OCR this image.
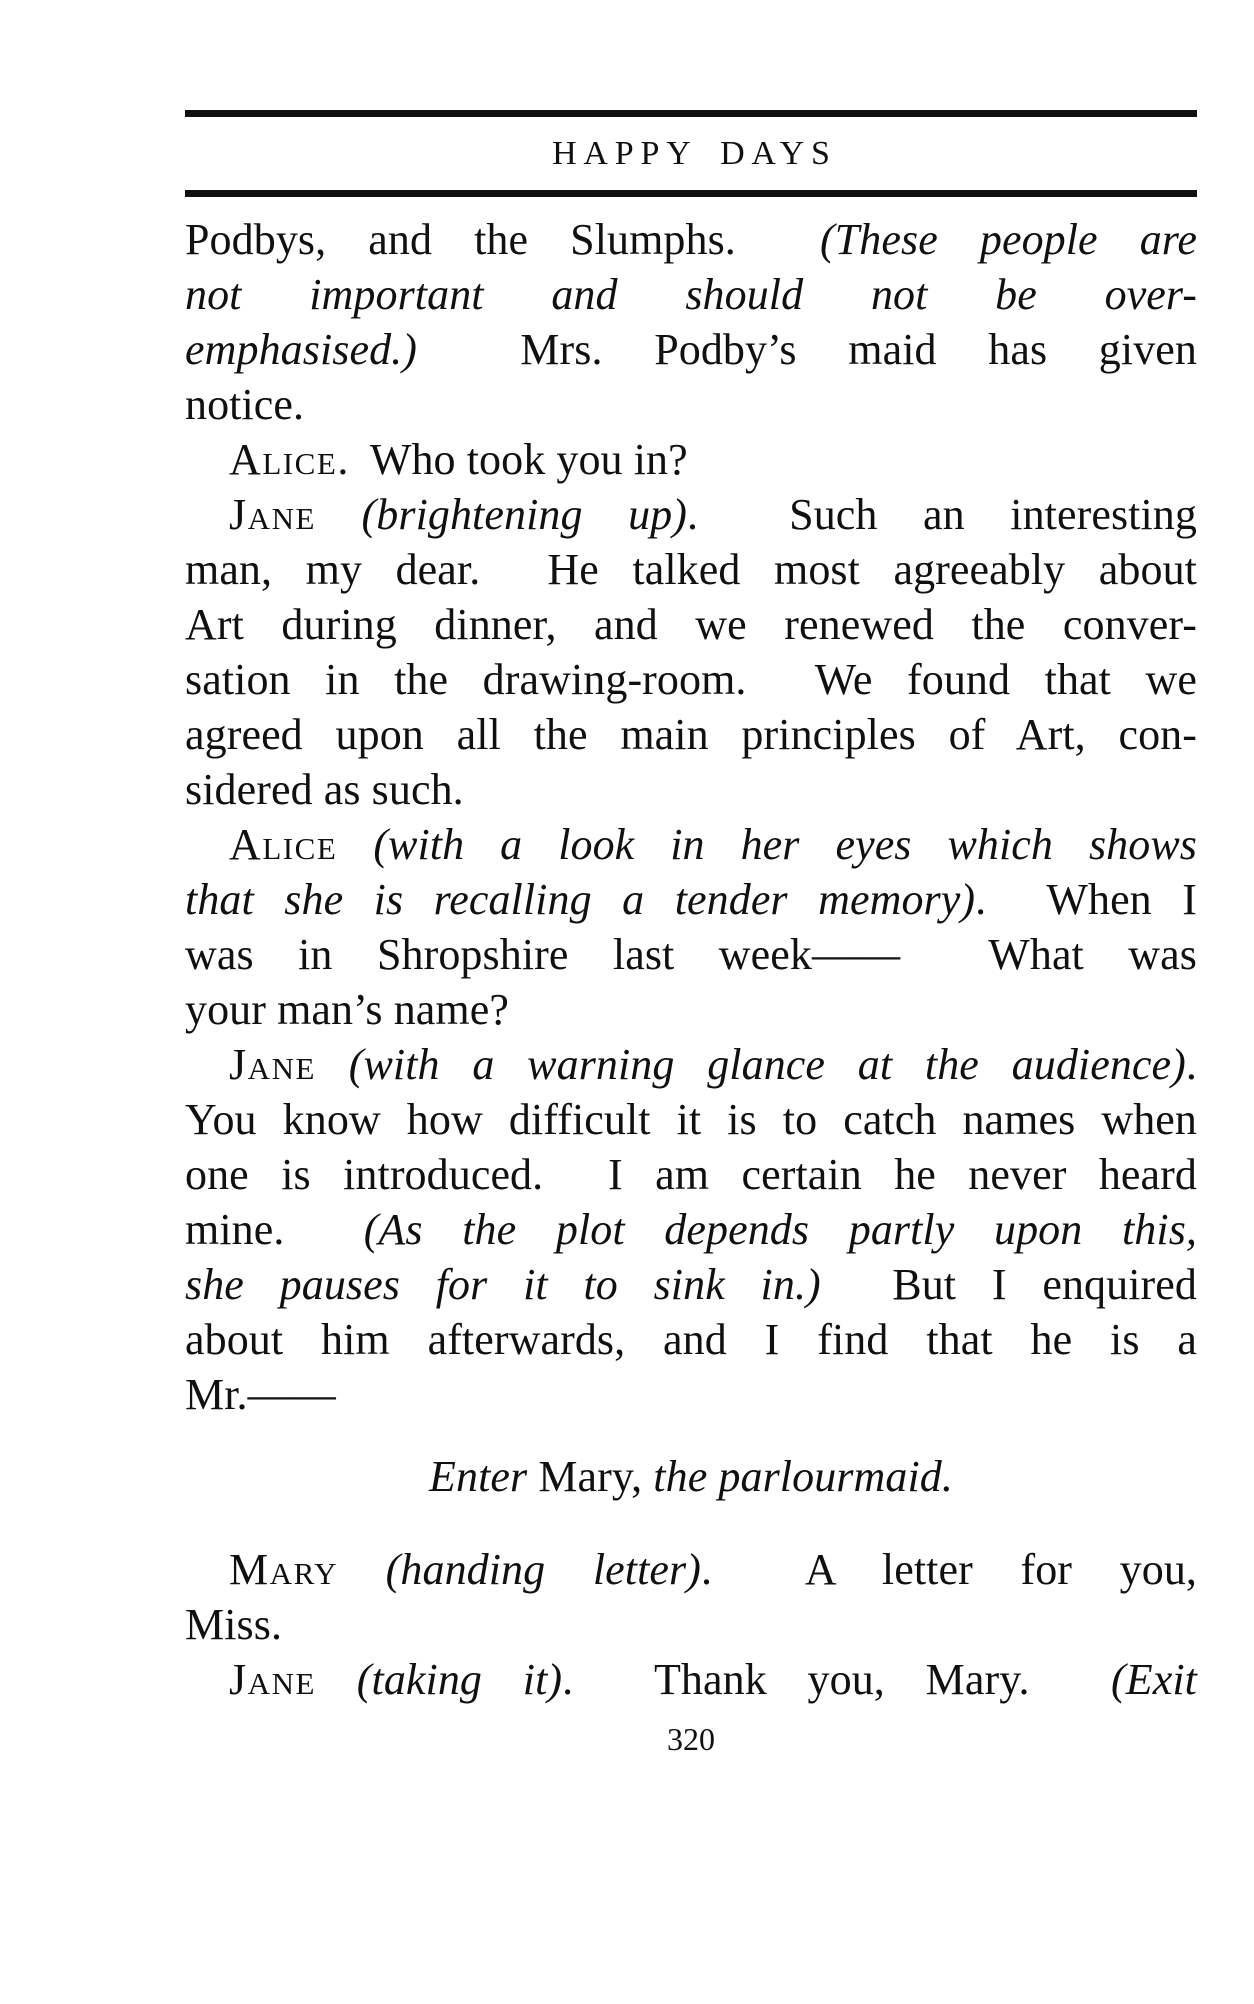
HAPPY DAYS
Podbys, and the Slumphs.  (These people are
not important and should not be over-
emphasised.)  Mrs. Podby’s maid has given
notice.
Alice.  Who took you in?
Jane (brightening up).  Such an interesting
man, my dear.  He talked most agreeably about
Art during dinner, and we renewed the conver-
sation in the drawing-room.  We found that we
agreed upon all the main principles of Art, con-
sidered as such.
Alice (with a look in her eyes which shows
that she is recalling a tender memory).  When I
was in Shropshire last week——  What was
your man’s name?
Jane (with a warning glance at the audience).
You know how difficult it is to catch names when
one is introduced.  I am certain he never heard
mine.  (As the plot depends partly upon this,
she pauses for it to sink in.)  But I enquired
about him afterwards, and I find that he is a
Mr.——
Enter Mary, the parlourmaid.
Mary (handing letter).  A letter for you,
Miss.
Jane (taking it).  Thank you, Mary.  (Exit
320
